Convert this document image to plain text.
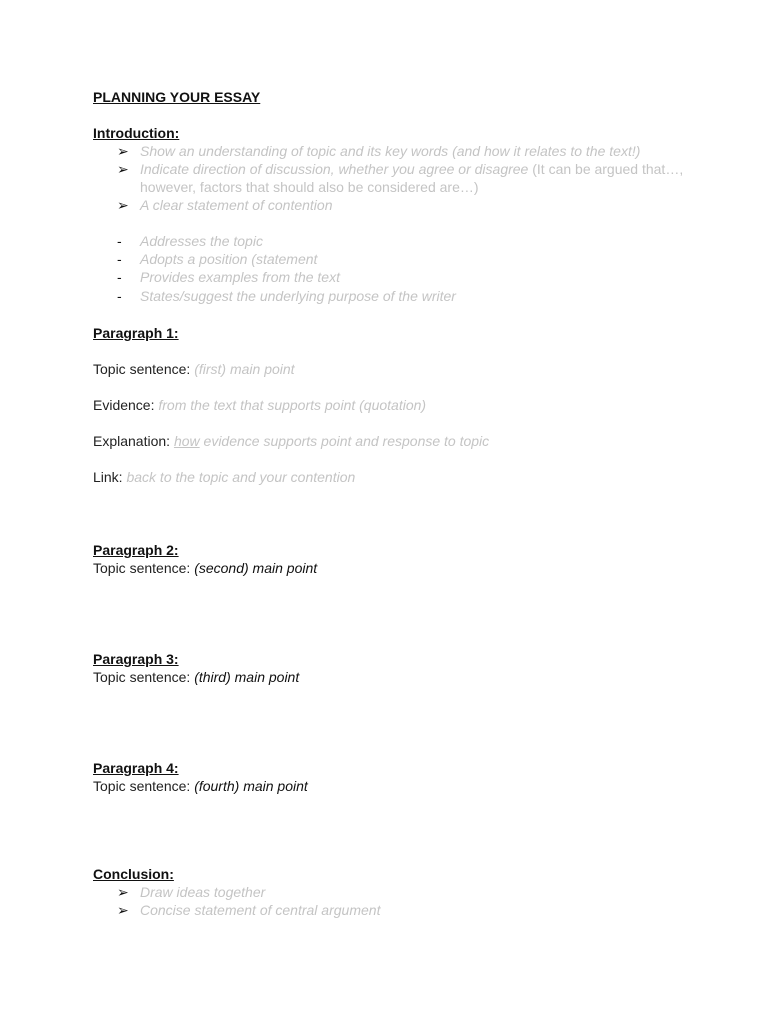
PLANNING YOUR ESSAY
Introduction:
➢ Show an understanding of topic and its key words (and how it relates to the text!)
➢ Indicate direction of discussion, whether you agree or disagree (It can be argued that…,
however, factors that should also be considered are…)
➢ A clear statement of contention
-	Addresses the topic
-	Adopts a position (statement
-	Provides examples from the text
-	States/suggest the underlying purpose of the writer
Paragraph 1:
Topic sentence: (first) main point
Evidence: from the text that supports point (quotation)
Explanation: how evidence supports point and response to topic
Link: back to the topic and your contention
Paragraph 2:
Topic sentence: (second) main point
Paragraph 3:
Topic sentence: (third) main point
Paragraph 4:
Topic sentence: (fourth) main point
Conclusion:
➢ Draw ideas together
➢ Concise statement of central argument
